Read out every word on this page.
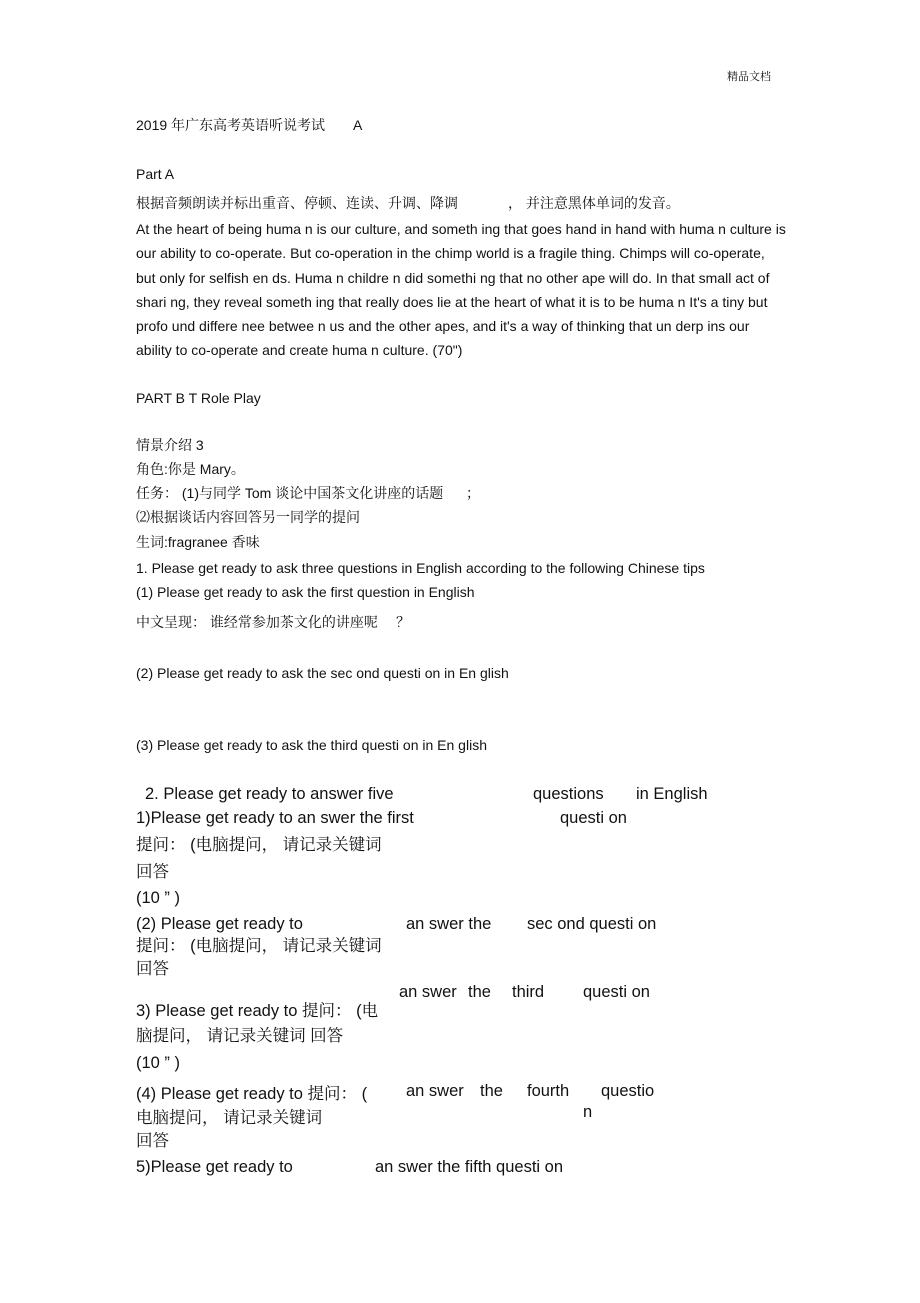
精品文档
2019 年广东高考英语听说考试 A
Part A
根据音频朗读并标出重音、停顿、连读、升调、降调	， 并注意黑体单词的发音。
At the heart of being huma n is our culture, and someth ing that goes hand in hand with huma n culture is our ability to co-operate. But co-operation in the chimp world is a fragile thing. Chimps will co-operate, but only for selfish en ds. Huma n childre n did somethi ng that no other ape will do. In that small act of shari ng, they reveal someth ing that really does lie at the heart of what it is to be huma n It's a tiny but profo und differe nee betwee n us and the other apes, and it's a way of thinking that un derp ins our ability to co-operate and create huma n culture. (70")
PART B T Role Play
情景介绍 3
角色:你是 Mary。
任务： (1)与同学 Tom 谈论中国茶文化讲座的话题 ；
⑵根据谈话内容回答另一同学的提问
生词:fragranee 香味
1. Please get ready to ask three questions in English according to the following Chinese tips
(1) Please get ready to ask the first question in English
中文呈现： 谁经常参加茶文化的讲座呢 ？
(2) Please get ready to ask the sec ond questi on in En glish
(3) Please get ready to ask the third questi on in En glish
2. Please get ready to answer five	questions in English
1)Please get ready to an swer the first	questi on
提问： (电脑提问， 请记录关键词
回答
(10 ” )
(2) Please get ready to	an swer the sec ond questi on
提问： (电脑提问， 请记录关键词
回答
an swer the third questi on
3) Please get ready to 提问： (电
脑提问， 请记录关键词 回答
(10 ” )
an swer the fourth questio
n
(4) Please get ready to 提问： (
电脑提问， 请记录关键词
回答
5)Please get ready to	an swer the fifth questi on
